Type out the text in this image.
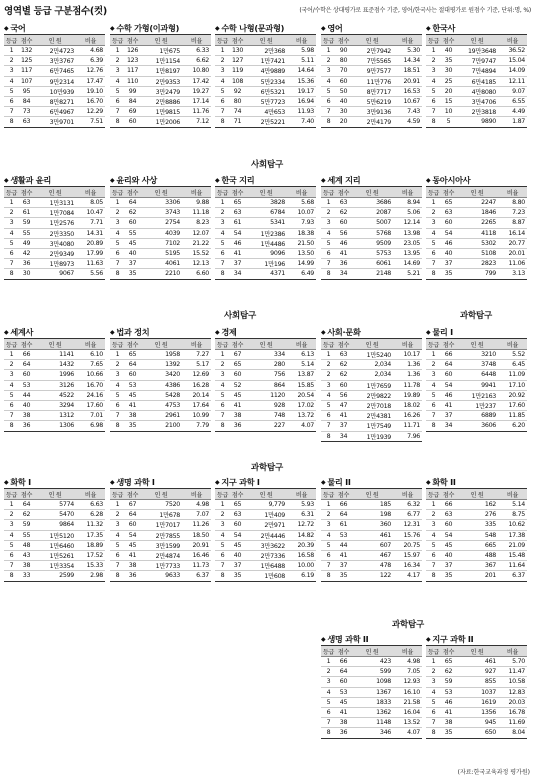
영역별 등급 구분점수(컷)	(국어/수학은 상대평가로 표준점수 기준, 영어/한국사는 절대평가로 원점수 기준, 단위:명, %)
사회탐구
사회탐구	과학탐구
과학탐구
과학탐구
(자료:한국교육과정 평가원)
◆ 국어
등급	점수	인 원	비율
1	132	2만4723	4.68
2	125	3만3767	6.39
3	117	6만7465	12.76
4	107	9만2314	17.47
5	95	10만939	19.10
6	84	8만8271	16.70
7	73	6만4967	12.29
8	63	3만9701	7.51
◆ 수학 가형(이과형)
등급	점수	인 원	비율
1	126	1만675	6.33
2	123	1만1154	6.62
3	117	1만8197	10.80
4	110	2만9353	17.42
5	99	3만2479	19.27
6	84	2만8886	17.14
7	69	1만9815	11.76
8	60	1만2006	7.12
◆ 수학 나형(문과형)
등급	점수	인 원	비율
1	130	2만368	5.98
2	127	1만7421	5.11
3	119	4만9889	14.64
4	108	5만2334	15.36
5	92	6만5321	19.17
6	80	5만7723	16.94
7	74	4만653	11.93
8	71	2만5221	7.40
◆ 영어
등급	점수	인 원	비율
1	90	2만7942	5.30
2	80	7만5565	14.34
3	70	9만7577	18.51
4	60	11만776	20.91
5	50	8만7717	16.53
6	40	5만6219	10.67
7	30	3만9136	7.43
8	20	2만4179	4.59
◆ 한국사
등급	점수	인 원	비율
1	40	19만3648	36.52
2	35	7만9747	15.04
3	30	7만4894	14.09
4	25	6만4185	12.11
5	20	4만8080	9.07
6	15	3만4706	6.55
7	10	2만3818	4.49
8	5	9890	1.87
◆ 생활과 윤리
등급	점수	인 원	비율
1	63	1만3131	8.05
2	61	1만7084	10.47
3	59	1만2576	7.71
4	55	2만3350	14.31
5	49	3만4080	20.89
6	42	2만9349	17.99
7	36	1만8973	11.63
8	30	9067	5.56
◆ 윤리와 사상
등급	점수	인 원	비율
1	64	3306	9.88
2	62	3743	11.18
3	60	2754	8.23
4	55	4039	12.07
5	45	7102	21.22
6	40	5195	15.52
7	37	4061	12.13
8	35	2210	6.60
◆ 한국 지리
등급	점수	인 원	비율
1	65	3828	5.68
2	63	6784	10.07
3	61	5341	7.93
4	54	1만2386	18.38
5	46	1만4486	21.50
6	41	9096	13.50
7	37	1만196	14.99
8	34	4371	6.49
◆ 세계 지리
등급	점수	인 원	비율
1	63	3686	8.94
2	62	2087	5.06
3	60	5007	12.14
4	56	5768	13.98
5	46	9509	23.05
6	41	5753	13.95
7	36	6061	14.69
8	34	2148	5.21
◆ 동아시아사
등급	점수	인 원	비율
1	65	2247	8.80
2	63	1846	7.23
3	60	2265	8.87
4	54	4118	16.14
5	46	5302	20.77
6	40	5108	20.01
7	37	2823	11.06
8	35	799	3.13
◆ 세계사
등급	점수	인 원	비율
1	66	1141	6.10
2	64	1432	7.65
3	60	1996	10.66
4	53	3126	16.70
5	44	4522	24.16
6	40	3294	17.60
7	38	1312	7.01
8	36	1306	6.98
◆ 법과 정치
등급	점수	인 원	비율
1	65	1958	7.27
2	64	1392	5.17
3	60	3420	12.69
4	53	4386	16.28
5	45	5428	20.14
6	41	4753	17.64
7	38	2961	10.99
8	35	2100	7.79
◆ 경제
등급	점수	인 원	비율
1	67	334	6.13
2	65	280	5.14
3	60	756	13.87
4	52	864	15.85
5	45	1120	20.54
6	41	928	17.02
7	38	748	13.72
8	36	227	4.07
◆ 사회·문화
등급	점수	인 원	비율
1	63	1만5240	10.17
2	62	2,034	1.36
2	62	2,034	1.36
3	60	1만7659	11.78
4	56	2만9822	19.89
5	47	2만7018	18.02
6	41	2만4381	16.26
7	37	1만7549	11.71
8	34	1만1939	7.96
◆ 물리 I
등급	점수	인 원	비율
1	66	3210	5.52
2	64	3748	6.45
3	60	6448	11.09
4	54	9941	17.10
5	46	1만2163	20.92
6	41	1만237	17.60
7	37	6889	11.85
8	34	3606	6.20
◆ 화학 I
등급	점수	인 원	비율
1	64	5774	6.63
2	62	5470	6.28
3	59	9864	11.32
4	55	1만5120	17.35
5	48	1만6460	18.89
6	43	1만5261	17.52
7	38	1만3354	15.33
8	33	2599	2.98
◆ 생명 과학 I
등급	점수	인 원	비율
1	67	7520	4.98
2	64	1만678	7.07
3	60	1만7017	11.26
4	54	2만7855	18.50
5	45	3만1599	20.91
6	41	2만4874	16.46
7	38	1만7733	11.73
8	36	9633	6.37
◆ 지구 과학 I
등급	점수	인 원	비율
1	65	9,779	5.93
2	63	1만409	6.31
3	60	2만971	12.72
4	54	2만4446	14.82
5	45	3만3622	20.39
6	40	2만7336	16.58
7	37	1만6488	10.00
8	35	1만608	6.19
◆ 물리 II
등급	점수	인 원	비율
1	66	185	6.32
2	64	198	6.77
3	61	360	12.31
4	53	461	15.76
5	44	607	20.75
6	41	467	15.97
7	37	478	16.34
8	35	122	4.17
◆ 화학 II
등급	점수	인 원	비율
1	66	162	5.14
2	63	276	8.75
3	60	335	10.62
4	54	548	17.38
5	45	665	21.09
6	40	488	15.48
7	37	367	11.64
8	35	201	6.37
◆ 생명 과학 II
등급	점수	인 원	비율
1	66	423	4.98
2	64	599	7.05
3	60	1098	12.93
4	53	1367	16.10
5	45	1833	21.58
6	41	1362	16.04
7	38	1148	13.52
8	36	346	4.07
◆ 지구 과학 II
등급	점수	인 원	비율
1	65	461	5.70
2	62	927	11.47
3	59	855	10.58
4	53	1037	12.83
5	46	1619	20.03
6	41	1356	16.78
7	38	945	11.69
8	35	650	8.04
